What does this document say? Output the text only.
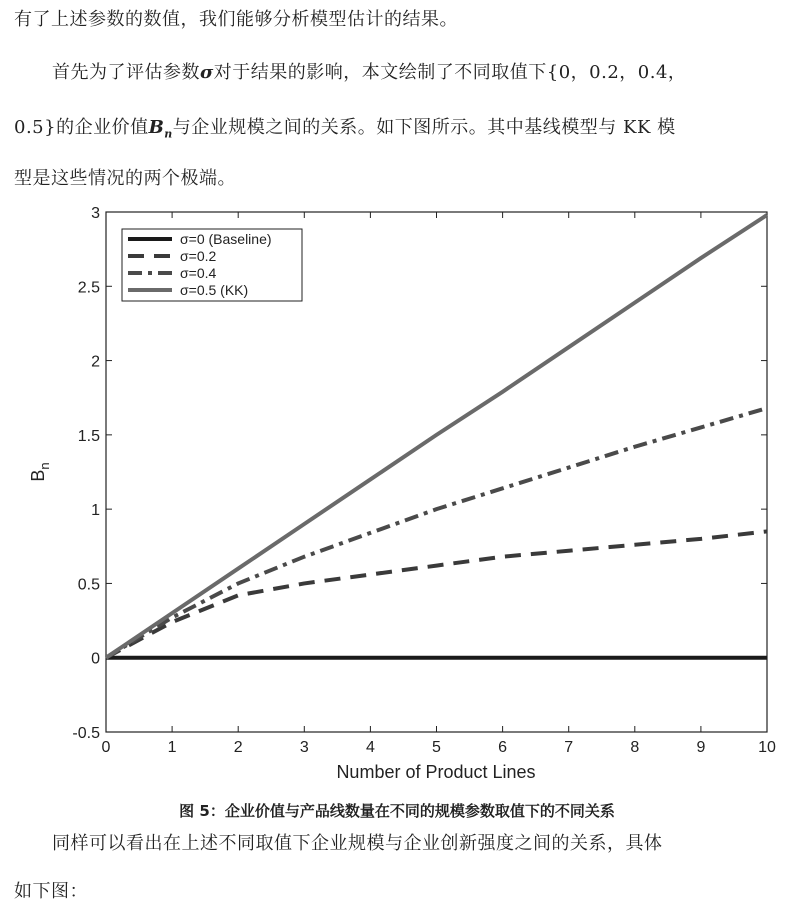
有了上述参数的数值，我们能够分析模型估计的结果。

首先为了评估参数σ对于结果的影响，本文绘制了不同取值下{0，0.2，0.4，

0.5}的企业价值$B_n$与企业规模之间的关系。如下图所示。其中基线模型与 KK 模

型是这些情况的两个极端。

0	1	2	3	4	5	6	7	8	9	10
-0.5
0
0.5
1
1.5
2
2.5
3
Number of Product Lines
$B_n$
σ=0 (Baseline)
σ=0.2
σ=0.4
σ=0.5 (KK)
图 5：企业价值与产品线数量在不同的规模参数取值下的不同关系

同样可以看出在上述不同取值下企业规模与企业创新强度之间的关系，具体

如下图：
